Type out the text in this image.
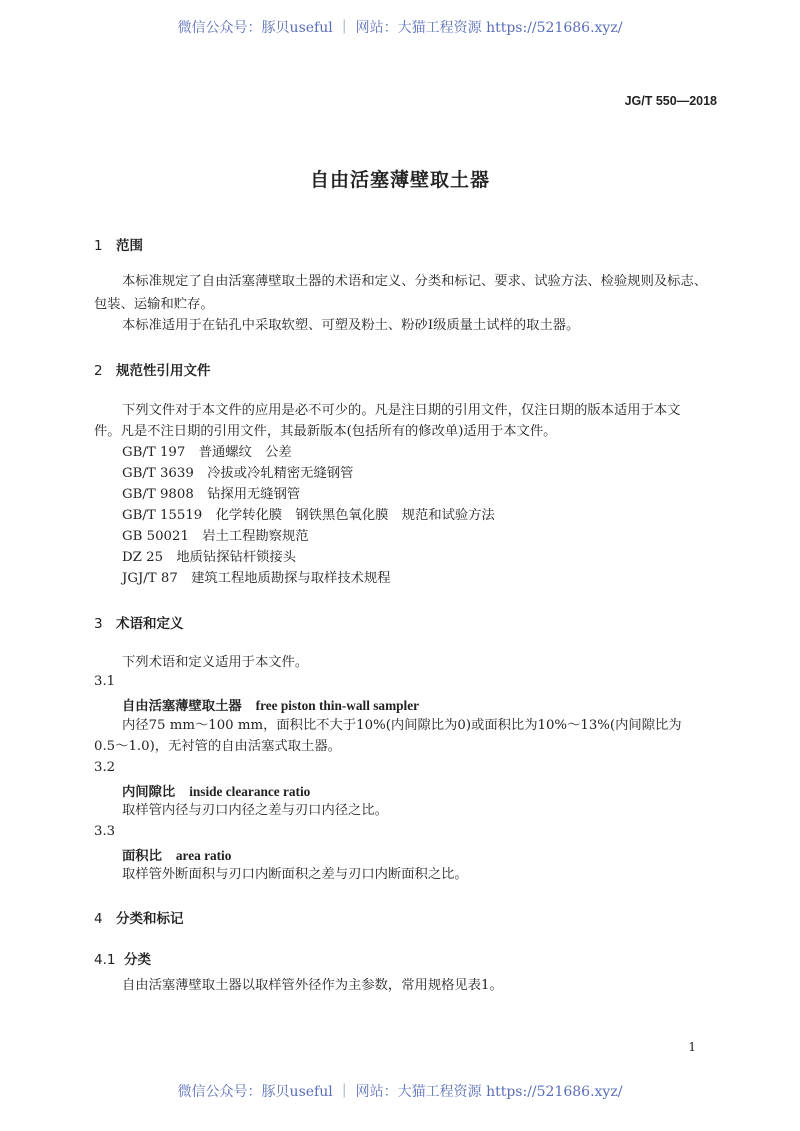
微信公众号：豚贝useful ｜ 网站：大猫工程资源 https://521686.xyz/
JG/T 550—2018
自由活塞薄壁取土器
1 范围
本标准规定了自由活塞薄壁取土器的术语和定义、分类和标记、要求、试验方法、检验规则及标志、
包装、运输和贮存。
本标准适用于在钻孔中采取软塑、可塑及粉土、粉砂Ⅰ级质量土试样的取土器。
2 规范性引用文件
下列文件对于本文件的应用是必不可少的。凡是注日期的引用文件，仅注日期的版本适用于本文
件。凡是不注日期的引用文件，其最新版本(包括所有的修改单)适用于本文件。
GB/T 197　普通螺纹　公差
GB/T 3639　冷拔或冷轧精密无缝钢管
GB/T 9808　钻探用无缝钢管
GB/T 15519　化学转化膜　钢铁黑色氧化膜　规范和试验方法
GB 50021　岩土工程勘察规范
DZ 25　地质钻探钻杆锁接头
JGJ/T 87　建筑工程地质勘探与取样技术规程
3 术语和定义
下列术语和定义适用于本文件。
3.1
自由活塞薄壁取土器 free piston thin-wall sampler
内径75 mm～100 mm，面积比不大于10%(内间隙比为0)或面积比为10%～13%(内间隙比为
0.5～1.0)，无衬管的自由活塞式取土器。
3.2
内间隙比 inside clearance ratio
取样管内径与刃口内径之差与刃口内径之比。
3.3
面积比 area ratio
取样管外断面积与刃口内断面积之差与刃口内断面积之比。
4 分类和标记
4.1 分类
自由活塞薄壁取土器以取样管外径作为主参数，常用规格见表1。
1
微信公众号：豚贝useful ｜ 网站：大猫工程资源 https://521686.xyz/
